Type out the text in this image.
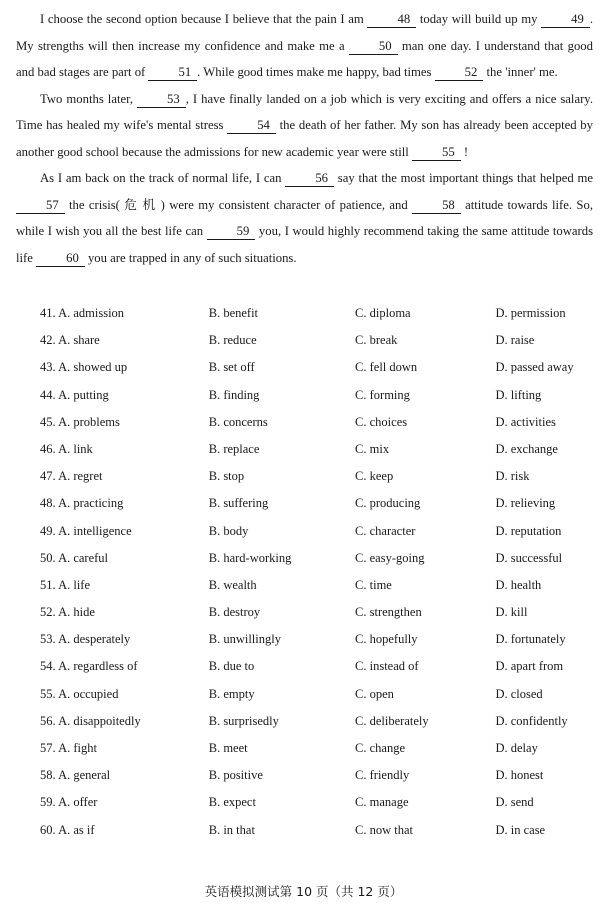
I choose the second option because I believe that the pain I am 48 today will build up my 49 . My strengths will then increase my confidence and make me a 50 man one day. I understand that good and bad stages are part of 51 . While good times make me happy, bad times 52 the 'inner' me.

Two months later, 53 , I have finally landed on a job which is very exciting and offers a nice salary. Time has healed my wife's mental stress 54 the death of her father. My son has already been accepted by another good school because the admissions for new academic year were still 55 !

As I am back on the track of normal life, I can 56 say that the most important things that helped me 57 the crisis( 危 机 ) were my consistent character of patience, and 58 attitude towards life. So, while I wish you all the best life can 59 you, I would highly recommend taking the same attitude towards life 60 you are trapped in any of such situations.

41. A. admission	B. benefit	C. diploma	D. permission
42. A. share	B. reduce	C. break	D. raise
43. A. showed up	B. set off	C. fell down	D. passed away
44. A. putting	B. finding	C. forming	D. lifting
45. A. problems	B. concerns	C. choices	D. activities
46. A. link	B. replace	C. mix	D. exchange
47. A. regret	B. stop	C. keep	D. risk
48. A. practicing	B. suffering	C. producing	D. relieving
49. A. intelligence	B. body	C. character	D. reputation
50. A. careful	B. hard-working	C. easy-going	D. successful
51. A. life	B. wealth	C. time	D. health
52. A. hide	B. destroy	C. strengthen	D. kill
53. A. desperately	B. unwillingly	C. hopefully	D. fortunately
54. A. regardless of	B. due to	C. instead of	D. apart from
55. A. occupied	B. empty	C. open	D. closed
56. A. disappoitedly	B. surprisedly	C. deliberately	D. confidently
57. A. fight	B. meet	C. change	D. delay
58. A. general	B. positive	C. friendly	D. honest
59. A. offer	B. expect	C. manage	D. send
60. A. as if	B. in that	C. now that	D. in case
英语模拟测试第 10 页（共 12 页）
